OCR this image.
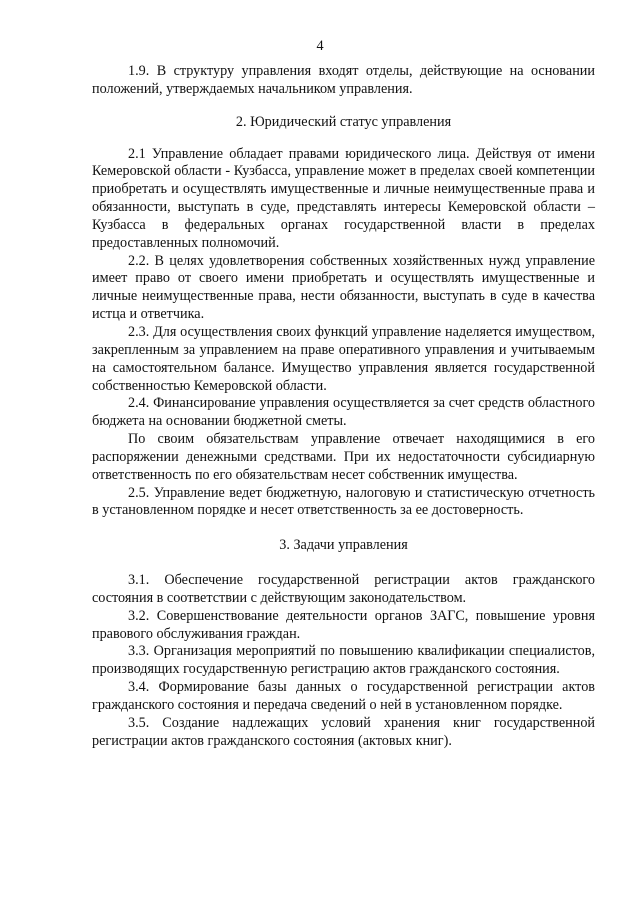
4

1.9. В структуру управления входят отделы, действующие на основании положений, утверждаемых начальником управления.

2. Юридический статус управления

2.1 Управление обладает правами юридического лица. Действуя от имени Кемеровской области - Кузбасса, управление может в пределах своей компетенции приобретать и осуществлять имущественные и личные неимущественные права и обязанности, выступать в суде, представлять интересы Кемеровской области – Кузбасса в федеральных органах государственной власти в пределах предоставленных полномочий.

2.2. В целях удовлетворения собственных хозяйственных нужд управление имеет право от своего имени приобретать и осуществлять имущественные и личные неимущественные права, нести обязанности, выступать в суде в качества истца и ответчика.

2.3. Для осуществления своих функций управление наделяется имуществом, закрепленным за управлением на праве оперативного управления и учитываемым на самостоятельном балансе. Имущество управления является государственной собственностью Кемеровской области.

2.4. Финансирование управления осуществляется за счет средств областного бюджета на основании бюджетной сметы.

По своим обязательствам управление отвечает находящимися в его распоряжении денежными средствами. При их недостаточности субсидиарную ответственность по его обязательствам несет собственник имущества.

2.5. Управление ведет бюджетную, налоговую и статистическую отчетность в установленном порядке и несет ответственность за ее достоверность.

3. Задачи управления

3.1. Обеспечение государственной регистрации актов гражданского состояния в соответствии с действующим законодательством.

3.2. Совершенствование деятельности органов ЗАГС, повышение уровня правового обслуживания граждан.

3.3. Организация мероприятий по повышению квалификации специалистов, производящих государственную регистрацию актов гражданского состояния.

3.4. Формирование базы данных о государственной регистрации актов гражданского состояния и передача сведений о ней в установленном порядке.

3.5. Создание надлежащих условий хранения книг государственной регистрации актов гражданского состояния (актовых книг).
